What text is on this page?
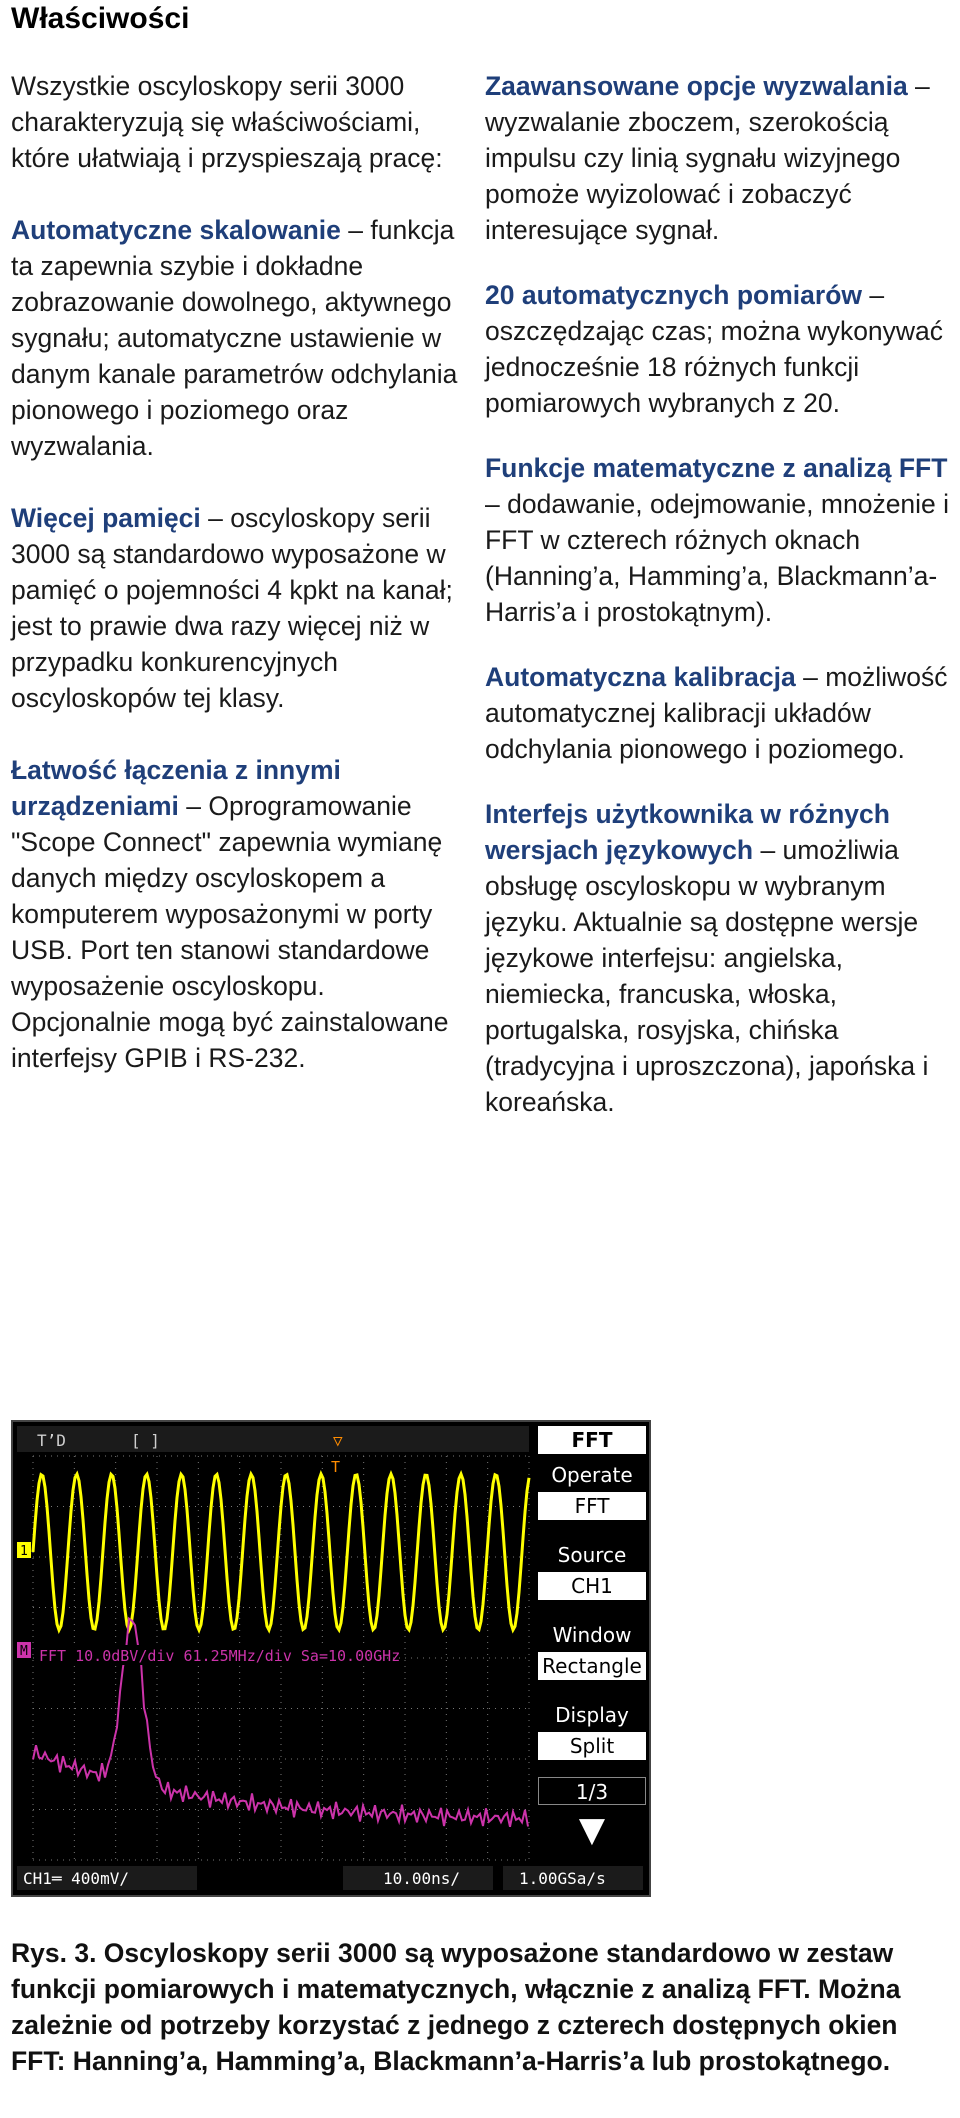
Właściwości

Wszystkie oscyloskopy serii 3000 charakteryzują się właściwościami, które ułatwiają i przyspieszają pracę:

Automatyczne skalowanie – funkcja ta zapewnia szybie i dokładne zobrazowanie dowolnego, aktywnego sygnału; automatyczne ustawienie w danym kanale parametrów odchylania pionowego i poziomego oraz wyzwalania.

Więcej pamięci – oscyloskopy serii 3000 są standardowo wyposażone w pamięć o pojemności 4 kpkt na kanał; jest to prawie dwa razy więcej niż w przypadku konkurencyjnych oscyloskopów tej klasy.

Łatwość łączenia z innymi urządzeniami – Oprogramowanie "Scope Connect" zapewnia wymianę danych między oscyloskopem a komputerem wyposażonymi w porty USB. Port ten stanowi standardowe wyposażenie oscyloskopu. Opcjonalnie mogą być zainstalowane interfejsy GPIB i RS-232.

Zaawansowane opcje wyzwalania – wyzwalanie zboczem, szerokością impulsu czy linią sygnału wizyjnego pomoże wyizolować i zobaczyć interesujące sygnał.

20 automatycznych pomiarów – oszczędzając czas; można wykonywać jednocześnie 18 różnych funkcji pomiarowych wybranych z 20.

Funkcje matematyczne z analizą FFT – dodawanie, odejmowanie, mnożenie i FFT w czterech różnych oknach (Hanning’a, Hamming’a, Blackmann’a-Harris’a i prostokątnym).

Automatyczna kalibracja – możliwość automatycznej kalibracji układów odchylania pionowego i poziomego.

Interfejs użytkownika w różnych wersjach językowych – umożliwia obsługę oscyloskopu w wybranym języku. Aktualnie są dostępne wersje językowe interfejsu: angielska, niemiecka, francuska, włoska, portugalska, rosyjska, chińska (tradycyjna i uproszczona), japońska i koreańska.

T’D	[ ]	▽
1
M
T
FFT 10.0dBV/div 61.25MHz/div Sa=10.00GHz
CH1═ 400mV/	10.00ns/	1.00GSa/s
FFT
Operate
FFT
Source
CH1
Window
Rectangle
Display
Split
1/3
▼
Rys. 3. Oscyloskopy serii 3000 są wyposażone standardowo w zestaw funkcji pomiarowych i matematycznych, włącznie z analizą FFT. Można zależnie od potrzeby korzystać z jednego z czterech dostępnych okien FFT: Hanning’a, Hamming’a, Blackmann’a-Harris’a lub prostokątnego.
